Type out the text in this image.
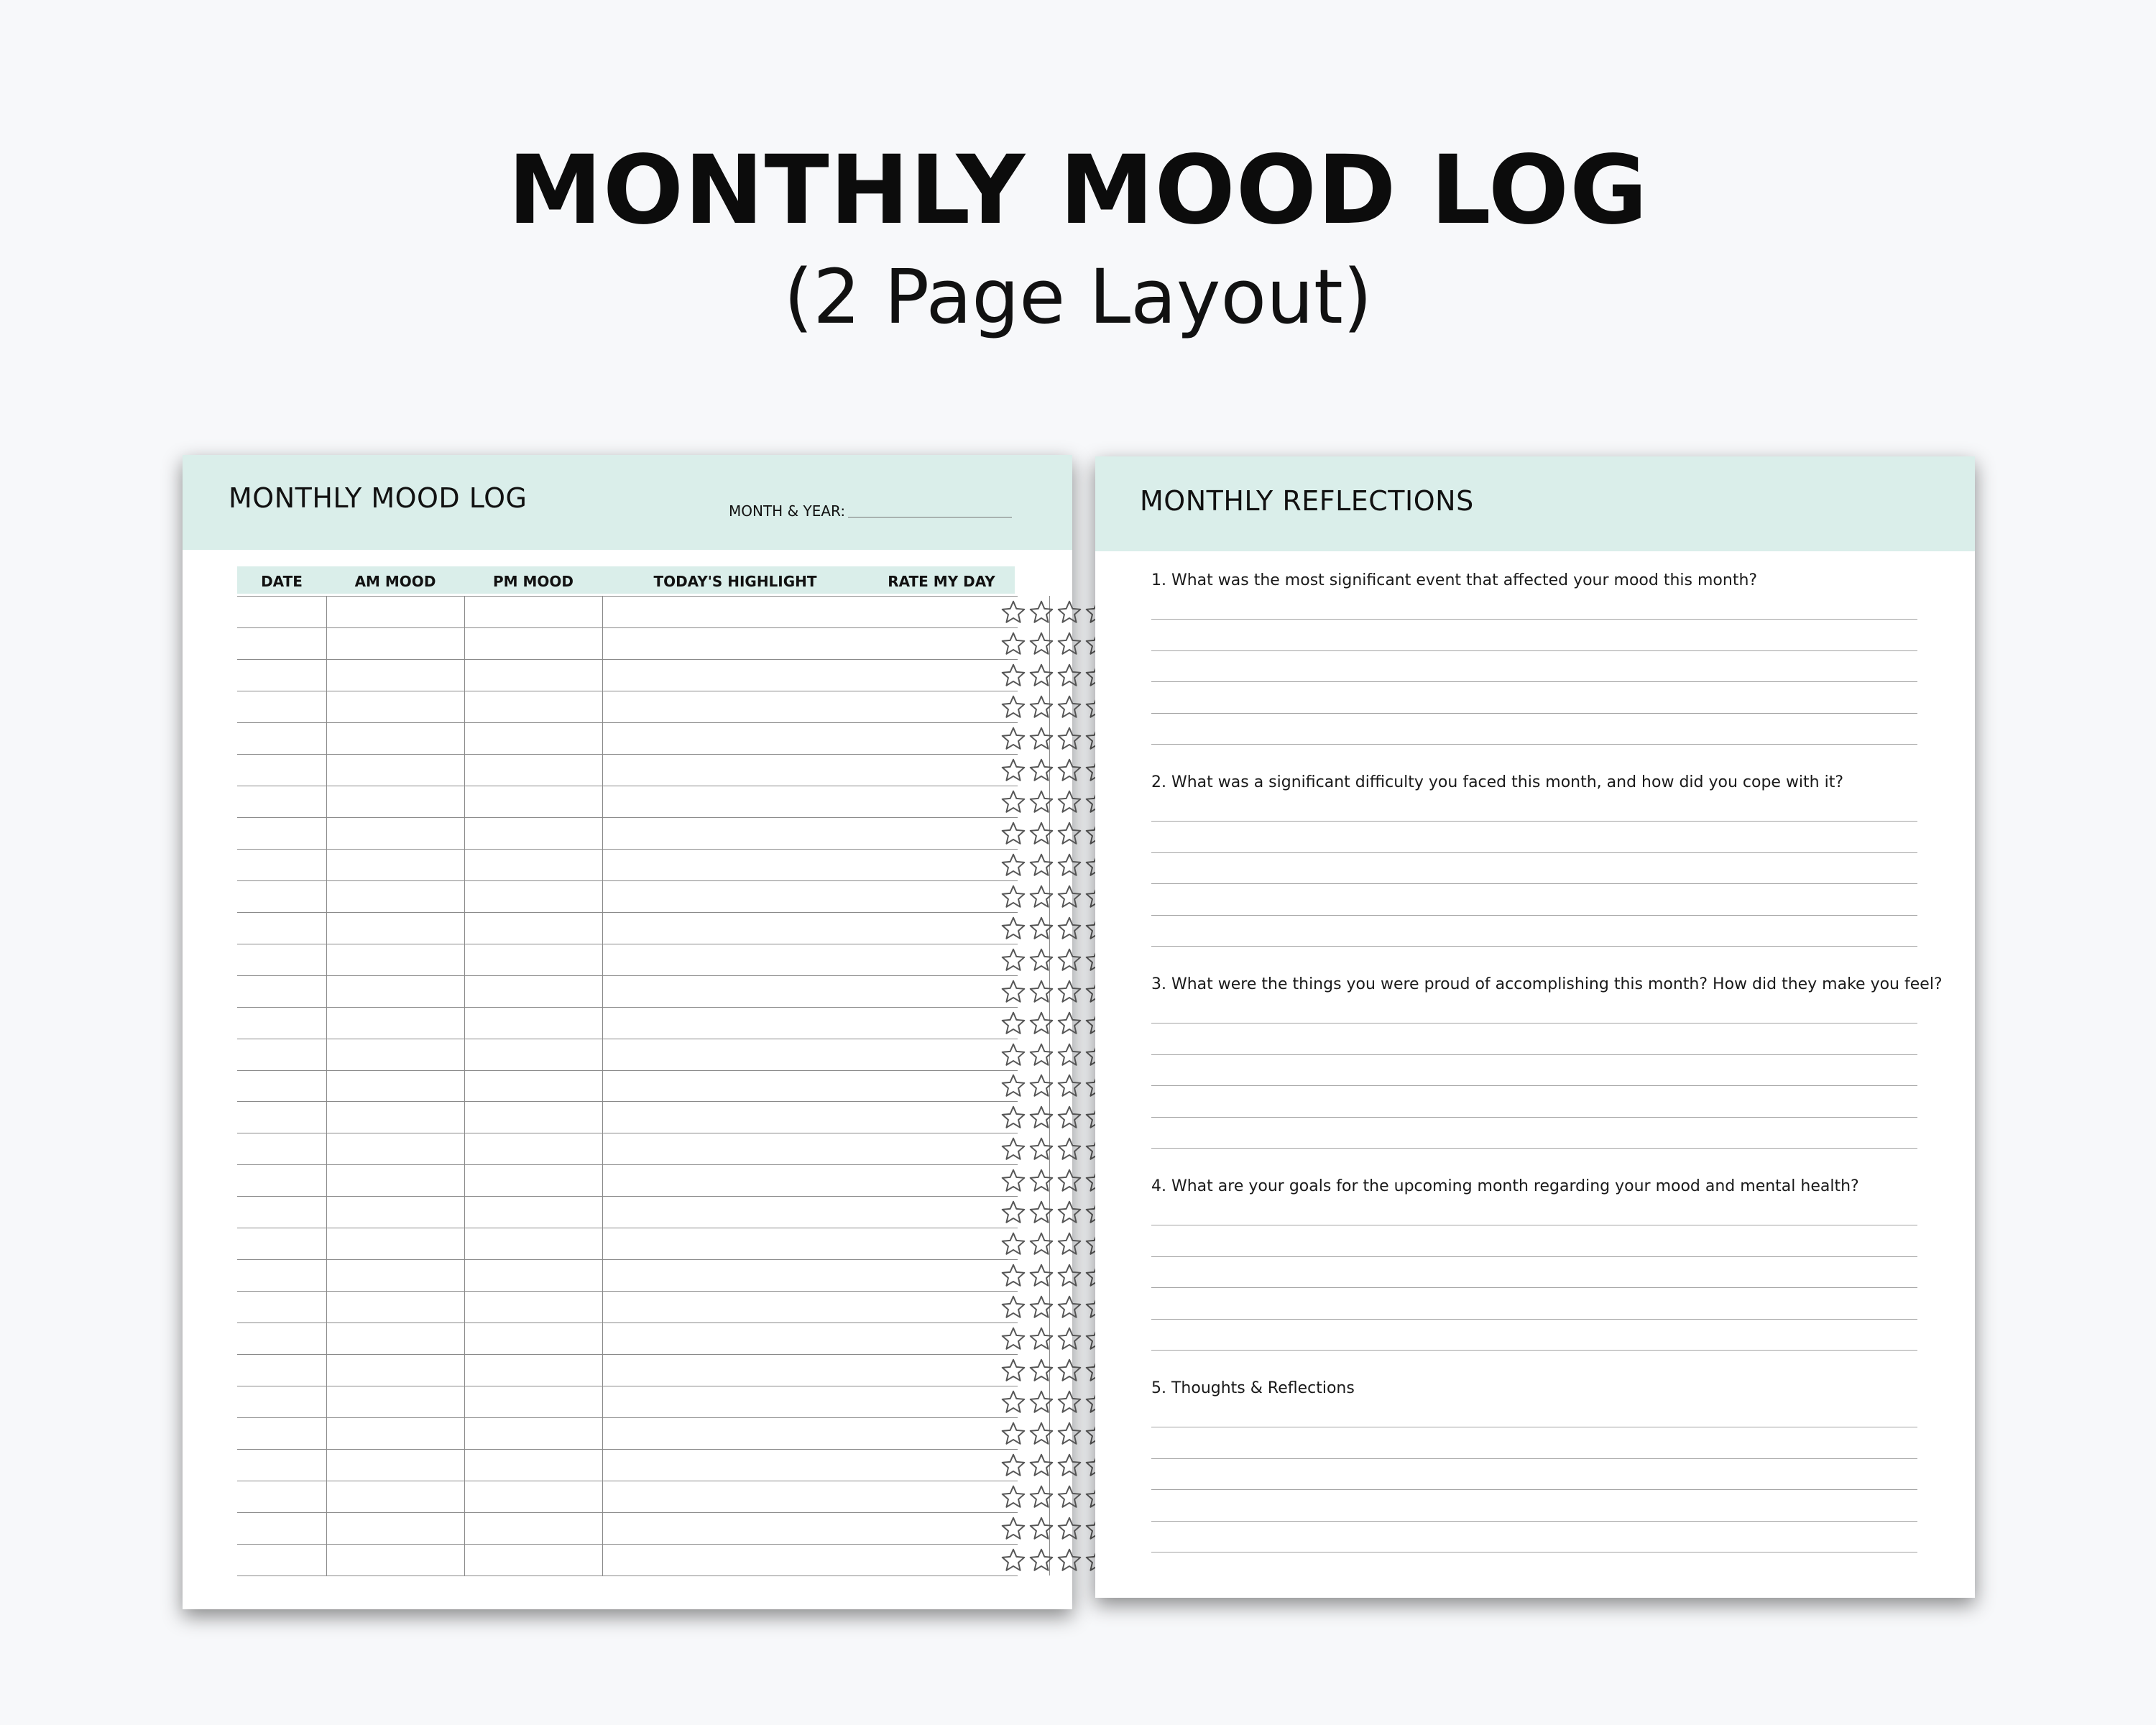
MONTHLY MOOD LOG
(2 Page Layout)
MONTHLY MOOD LOG	MONTH & YEAR:
DATE	AM MOOD	PM MOOD	TODAY'S HIGHLIGHT	RATE MY DAY
MONTHLY REFLECTIONS
1. What was the most significant event that affected your mood this month?
2. What was a significant difficulty you faced this month, and how did you cope with it?
3. What were the things you were proud of accomplishing this month? How did they make you feel?
4. What are your goals for the upcoming month regarding your mood and mental health?
5. Thoughts & Reflections
